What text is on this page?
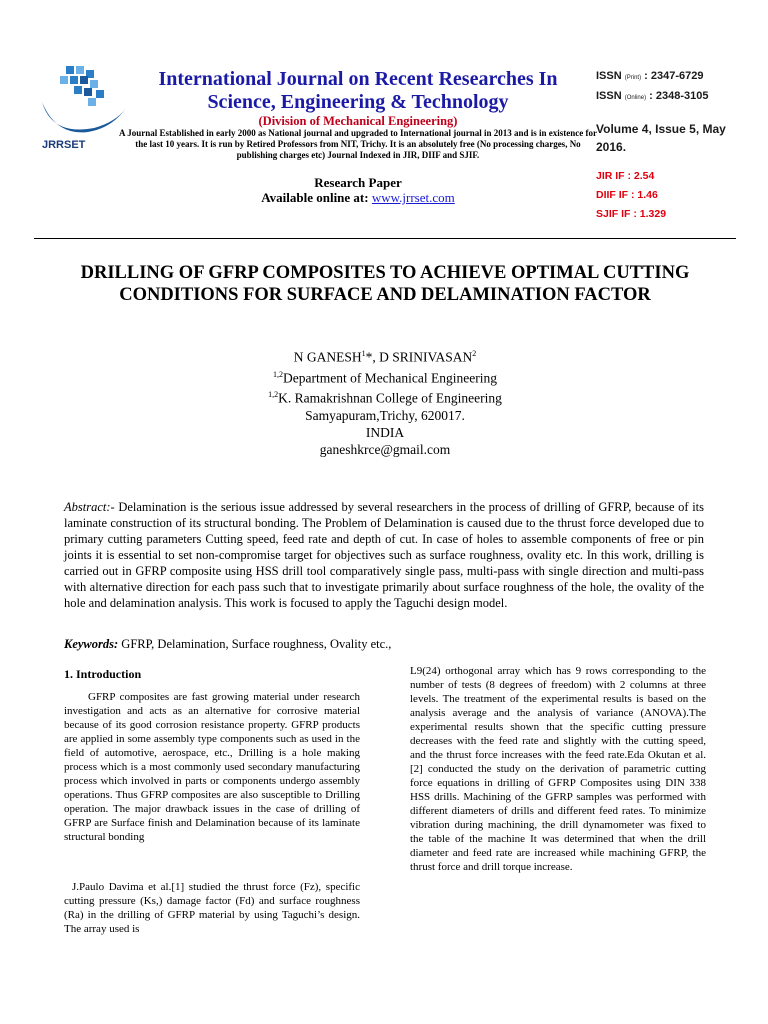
JRRSET
International Journal on Recent Researches In Science, Engineering & Technology
(Division of Mechanical Engineering)
A Journal Established in early 2000 as National journal and upgraded to International journal in 2013 and is in existence for the last 10 years. It is run by Retired Professors from NIT, Trichy. It is an absolutely free (No processing charges, No publishing charges etc) Journal Indexed in JIR, DIIF and SJIF.
Research Paper
Available online at: www.jrrset.com
ISSN (Print) : 2347-6729
ISSN (Online) : 2348-3105
Volume 4, Issue 5, May 2016.
JIR IF : 2.54
DIIF IF : 1.46
SJIF IF : 1.329
DRILLING OF GFRP COMPOSITES TO ACHIEVE OPTIMAL CUTTING CONDITIONS FOR SURFACE AND DELAMINATION FACTOR
N GANESH$^1$*, D SRINIVASAN$^2$
$^{1,2}$Department of Mechanical Engineering
$^{1,2}$K. Ramakrishnan College of Engineering
Samyapuram,Trichy, 620017.
INDIA
ganeshkrce@gmail.com
Abstract:- Delamination is the serious issue addressed by several researchers in the process of drilling of GFRP, because of its laminate construction of its structural bonding. The Problem of Delamination is caused due to the thrust force developed due to primary cutting parameters Cutting speed, feed rate and depth of cut. In case of holes to assemble components of free or pin joints it is essential to set non-compromise target for objectives such as surface roughness, ovality etc. In this work, drilling is carried out in GFRP composite using HSS drill tool comparatively single pass, multi-pass with single direction and multi-pass with alternative direction for each pass such that to investigate primarily about surface roughness of the hole, the ovality of the hole and delamination analysis. This work is focused to apply the Taguchi design model.
Keywords: GFRP, Delamination, Surface roughness, Ovality etc.,
1. Introduction
GFRP composites are fast growing material under research investigation and acts as an alternative for corrosive material because of its good corrosion resistance property. GFRP products are applied in some assembly type components such as used in the field of automotive, aerospace, etc., Drilling is a hole making process which is a most commonly used secondary manufacturing process which involved in parts or components undergo assembly operations. Thus GFRP composites are also susceptible to Drilling operation. The major drawback issues in the case of drilling of GFRP are Surface finish and Delamination because of its laminate structural bonding
J.Paulo Davima et al.[1] studied the thrust force (Fz), specific cutting pressure (Ks,) damage factor (Fd) and surface roughness (Ra) in the drilling of GFRP material by using Taguchi’s design. The array used is
L9(24) orthogonal array which has 9 rows corresponding to the number of tests (8 degrees of freedom) with 2 columns at three levels. The treatment of the experimental results is based on the analysis average and the analysis of variance (ANOVA).The experimental results shown that the specific cutting pressure decreases with the feed rate and slightly with the cutting speed, and the thrust force increases with the feed rate.Eda Okutan et al. [2] conducted the study on the derivation of parametric cutting force equations in drilling of GFRP Composites using DIN 338 HSS drills. Machining of the GFRP samples was performed with different diameters of drills and different feed rates. To minimize vibration during machining, the drill dynamometer was fixed to the table of the machine It was determined that when the drill diameter and feed rate are increased while machining GFRP, the thrust force and drill torque increase.
